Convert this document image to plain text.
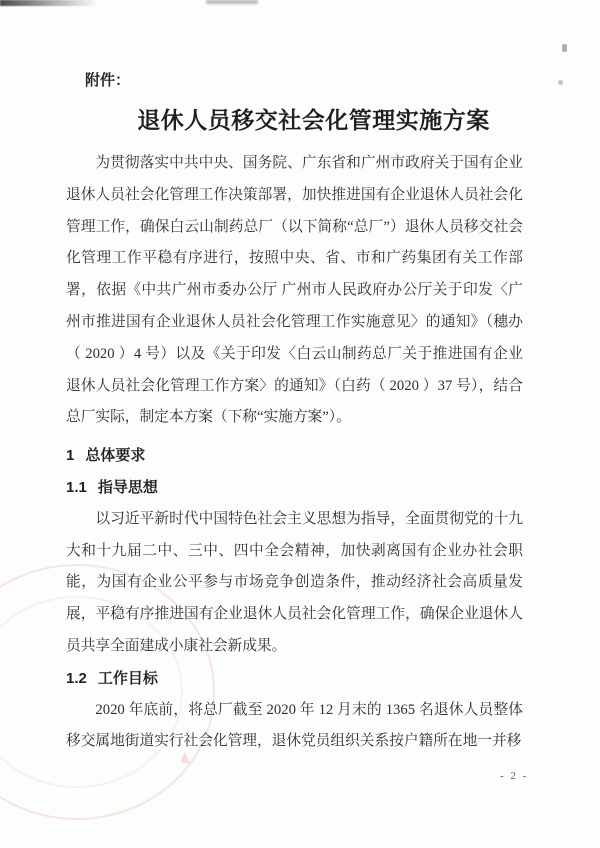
附件：
退休人员移交社会化管理实施方案

为贯彻落实中共中央、国务院、广东省和广州市政府关于国有企业退休人员社会化管理工作决策部署，加快推进国有企业退休人员社会化管理工作，确保白云山制药总厂（以下简称“总厂”）退休人员移交社会化管理工作平稳有序进行，按照中央、省、市和广药集团有关工作部署，依据《中共广州市委办公厅 广州市人民政府办公厅关于印发〈广州市推进国有企业退休人员社会化管理工作实施意见〉的通知》（穗办（ 2020 ）4 号）以及《关于印发〈白云山制药总厂关于推进国有企业退休人员社会化管理工作方案〉的通知》（白药（ 2020 ）37 号），结合总厂实际，制定本方案（下称“实施方案”）。

1 总体要求
1.1 指导思想

以习近平新时代中国特色社会主义思想为指导，全面贯彻党的十九大和十九届二中、三中、四中全会精神，加快剥离国有企业办社会职能，为国有企业公平参与市场竞争创造条件，推动经济社会高质量发展，平稳有序推进国有企业退休人员社会化管理工作，确保企业退休人员共享全面建成小康社会新成果。

1.2 工作目标

2020 年底前，将总厂截至 2020 年 12 月末的 1365 名退休人员整体移交属地街道实行社会化管理，退休党员组织关系按户籍所在地一并移

- 2 -
